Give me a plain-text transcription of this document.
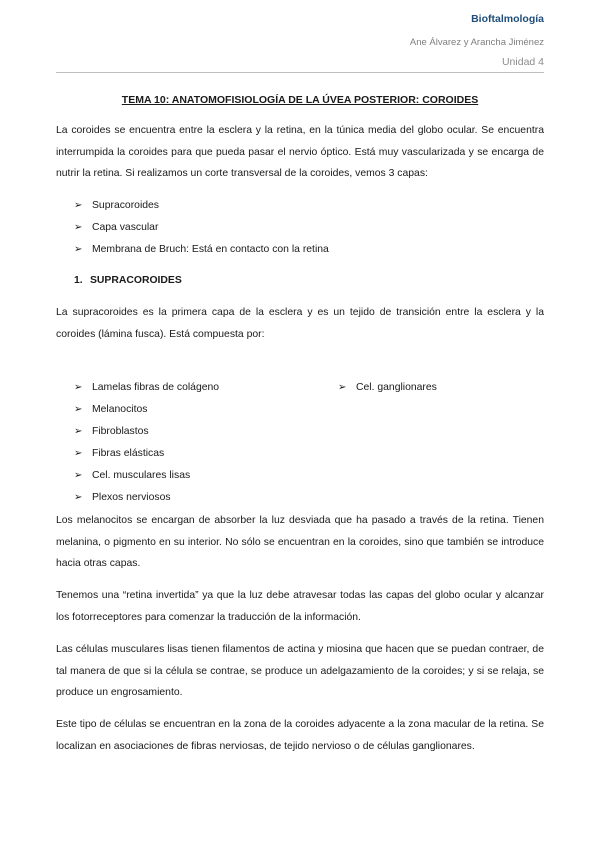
Bioftalmología
Ane Álvarez y Arancha Jiménez
Unidad 4
TEMA 10: ANATOMOFISIOLOGÍA DE LA ÚVEA POSTERIOR: COROIDES
La coroides se encuentra entre la esclera y la retina, en la túnica media del globo ocular. Se encuentra interrumpida la coroides para que pueda pasar el nervio óptico. Está muy vascularizada y se encarga de nutrir la retina. Si realizamos un corte transversal de la coroides, vemos 3 capas:
➢ Supracoroides
➢ Capa vascular
➢ Membrana de Bruch: Está en contacto con la retina
1. SUPRACOROIDES
La supracoroides es la primera capa de la esclera y es un tejido de transición entre la esclera y la coroides (lámina fusca). Está compuesta por:
➢ Lamelas fibras de colágeno	➢ Cel. ganglionares
➢ Melanocitos
➢ Fibroblastos
➢ Fibras elásticas
➢ Cel. musculares lisas
➢ Plexos nerviosos
Los melanocitos se encargan de absorber la luz desviada que ha pasado a través de la retina. Tienen melanina, o pigmento en su interior. No sólo se encuentran en la coroides, sino que también se introduce hacia otras capas.
Tenemos una “retina invertida” ya que la luz debe atravesar todas las capas del globo ocular y alcanzar los fotorreceptores para comenzar la traducción de la información.
Las células musculares lisas tienen filamentos de actina y miosina que hacen que se puedan contraer, de tal manera de que si la célula se contrae, se produce un adelgazamiento de la coroides; y si se relaja, se produce un engrosamiento.
Este tipo de células se encuentran en la zona de la coroides adyacente a la zona macular de la retina. Se localizan en asociaciones de fibras nerviosas, de tejido nervioso o de células ganglionares.
